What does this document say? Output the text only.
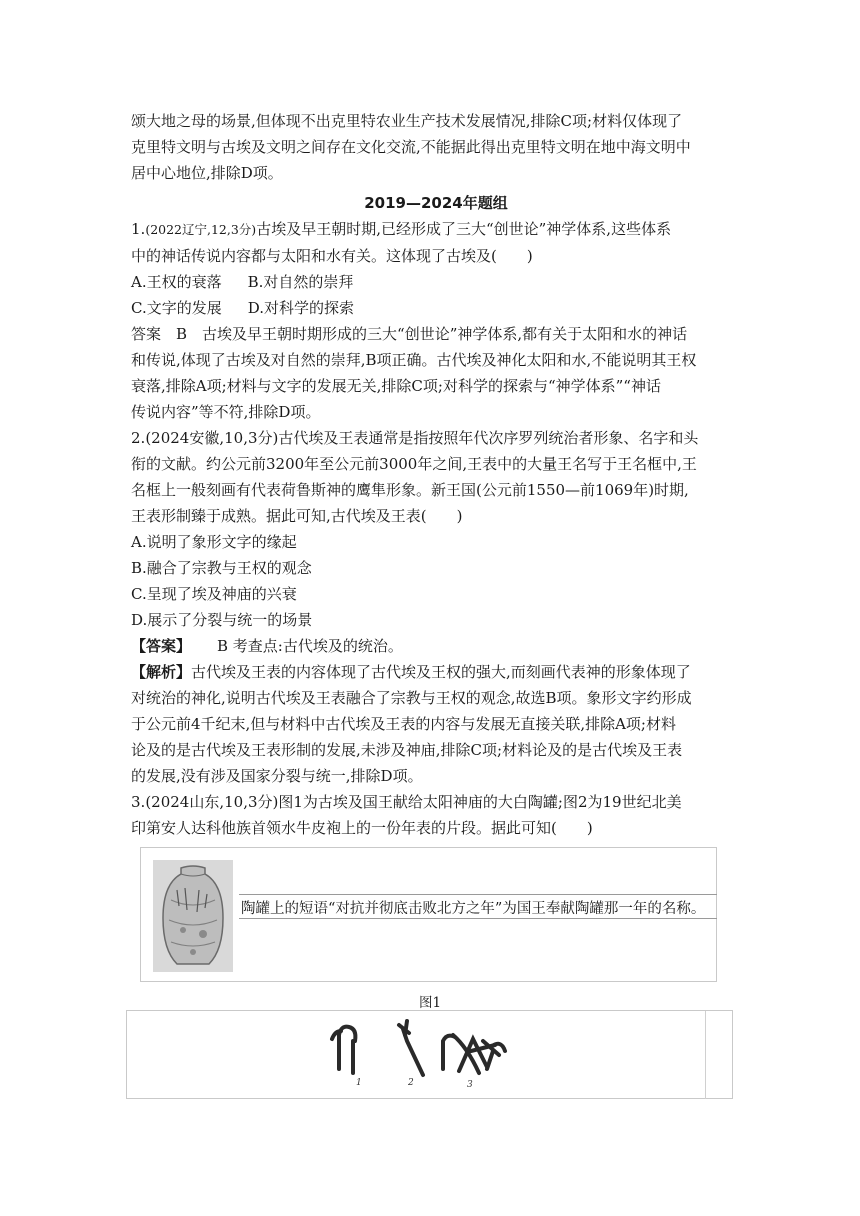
颂大地之母的场景,但体现不出克里特农业生产技术发展情况,排除C项;材料仅体现了
克里特文明与古埃及文明之间存在文化交流,不能据此得出克里特文明在地中海文明中
居中心地位,排除D项。

2019—2024年题组

1.(2022辽宁,12,3分)古埃及早王朝时期,已经形成了三大“创世论”神学体系,这些体系
中的神话传说内容都与太阳和水有关。这体现了古埃及(　　)

A.王权的衰落 B.对自然的崇拜

C.文字的发展 D.对科学的探索

答案　B　古埃及早王朝时期形成的三大“创世论”神学体系,都有关于太阳和水的神话
和传说,体现了古埃及对自然的崇拜,B项正确。古代埃及神化太阳和水,不能说明其王权
衰落,排除A项;材料与文字的发展无关,排除C项;对科学的探索与“神学体系”“神话
传说内容”等不符,排除D项。

2.(2024安徽,10,3分)古代埃及王表通常是指按照年代次序罗列统治者形象、名字和头
衔的文献。约公元前3200年至公元前3000年之间,王表中的大量王名写于王名框中,王
名框上一般刻画有代表荷鲁斯神的鹰隼形象。新王国(公元前1550—前1069年)时期,
王表形制臻于成熟。据此可知,古代埃及王表(　　)

A.说明了象形文字的缘起

B.融合了宗教与王权的观念

C.呈现了埃及神庙的兴衰

D.展示了分裂与统一的场景

【答案】 B 考查点:古代埃及的统治。

【解析】古代埃及王表的内容体现了古代埃及王权的强大,而刻画代表神的形象体现了
对统治的神化,说明古代埃及王表融合了宗教与王权的观念,故选B项。象形文字约形成
于公元前4千纪末,但与材料中古代埃及王表的内容与发展无直接关联,排除A项;材料
论及的是古代埃及王表形制的发展,未涉及神庙,排除C项;材料论及的是古代埃及王表
的发展,没有涉及国家分裂与统一,排除D项。

3.(2024山东,10,3分)图1为古埃及国王献给太阳神庙的大白陶罐;图2为19世纪北美
印第安人达科他族首领水牛皮袍上的一份年表的片段。据此可知(　　)

陶罐上的短语“对抗并彻底击败北方之年”为国王奉献陶罐那一年的名称。
图1
1	2	3
